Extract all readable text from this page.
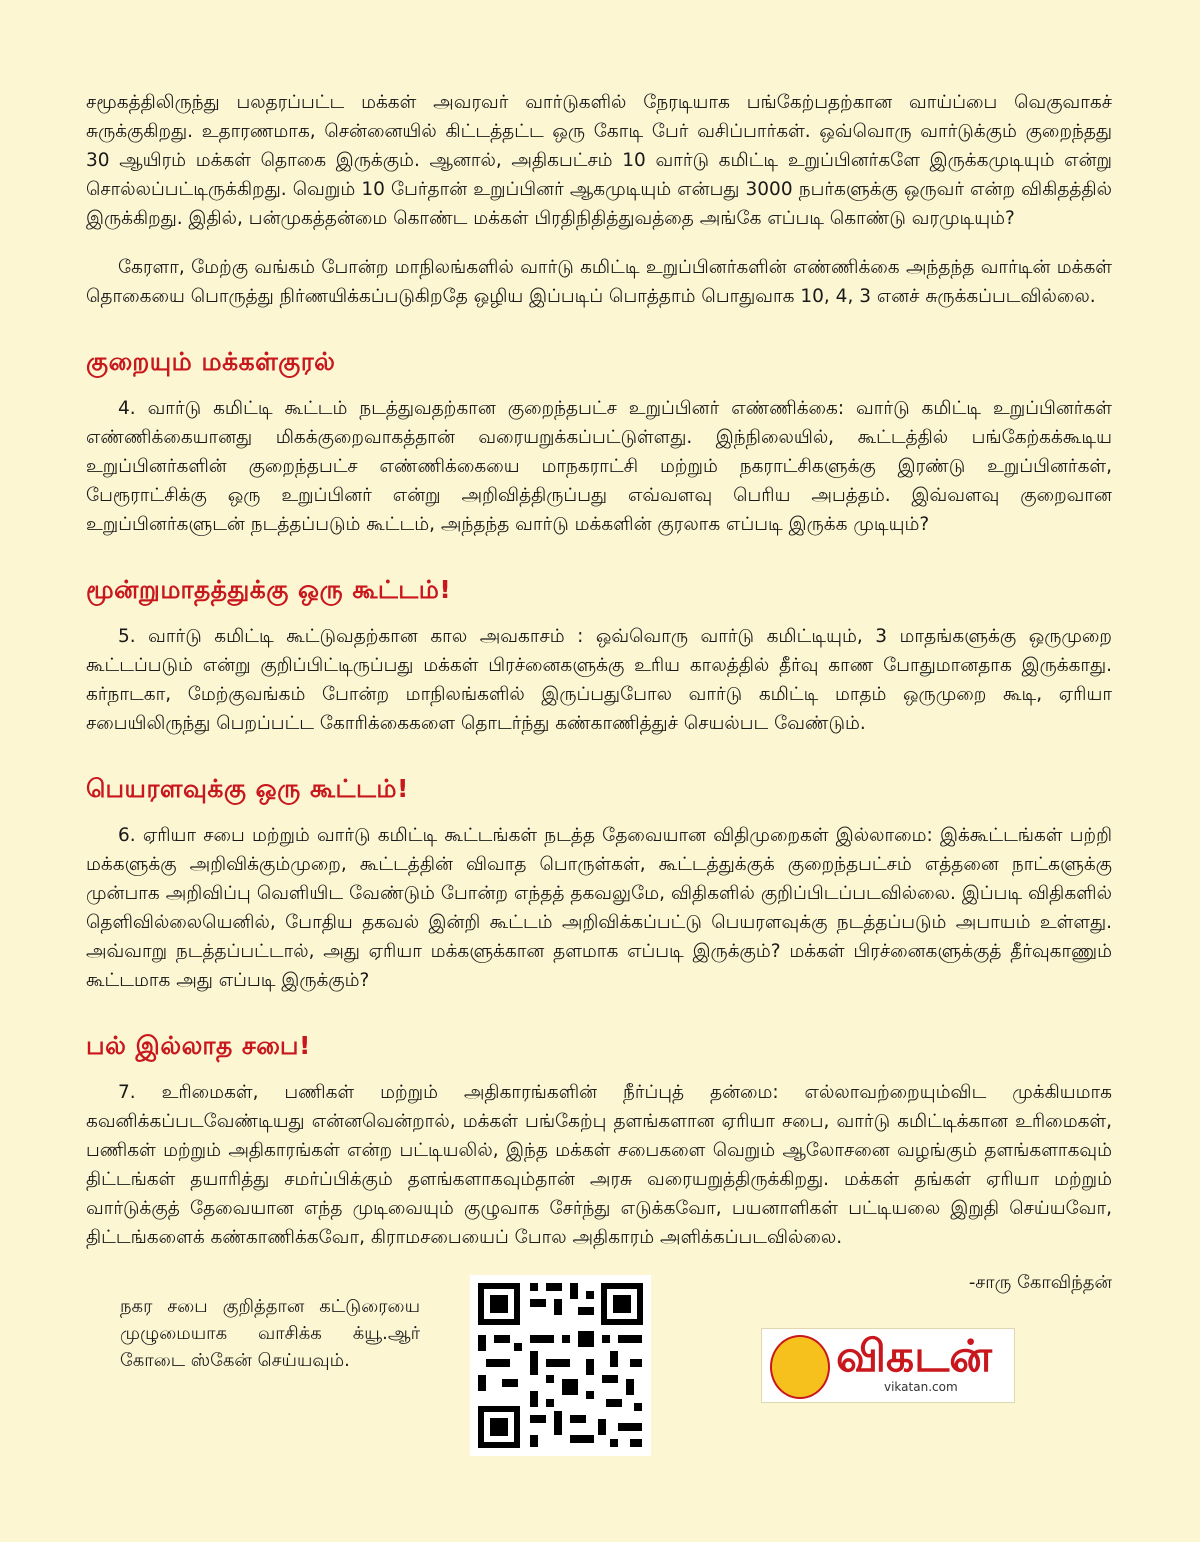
சமூகத்திலிருந்து பலதரப்பட்ட மக்கள் அவரவர் வார்டுகளில் நேரடியாக பங்கேற்பதற்கான வாய்ப்பை வெகுவாகச் சுருக்குகிறது. உதாரணமாக, சென்னையில் கிட்டத்தட்ட ஒரு கோடி பேர் வசிப்பார்கள். ஒவ்வொரு வார்டுக்கும் குறைந்தது 30 ஆயிரம் மக்கள் தொகை இருக்கும். ஆனால், அதிகபட்சம் 10 வார்டு கமிட்டி உறுப்பினர்களே இருக்கமுடியும் என்று சொல்லப்பட்டிருக்கிறது. வெறும் 10 பேர்தான் உறுப்பினர் ஆகமுடியும் என்பது 3000 நபர்களுக்கு ஒருவர் என்ற விகிதத்தில் இருக்கிறது. இதில், பன்முகத்தன்மை கொண்ட மக்கள் பிரதிநிதித்துவத்தை அங்கே எப்படி கொண்டு வரமுடியும்?

கேரளா, மேற்கு வங்கம் போன்ற மாநிலங்களில் வார்டு கமிட்டி உறுப்பினர்களின் எண்ணிக்கை அந்தந்த வார்டின் மக்கள் தொகையை பொருத்து நிர்ணயிக்கப்படுகிறதே ஒழிய இப்படிப் பொத்தாம் பொதுவாக 10, 4, 3 எனச் சுருக்கப்படவில்லை.

குறையும் மக்கள்குரல்

4. வார்டு கமிட்டி கூட்டம் நடத்துவதற்கான குறைந்தபட்ச உறுப்பினர் எண்ணிக்கை: வார்டு கமிட்டி உறுப்பினர்கள் எண்ணிக்கையானது மிகக்குறைவாகத்தான் வரையறுக்கப்பட்டுள்ளது. இந்நிலையில், கூட்டத்தில் பங்கேற்கக்கூடிய உறுப்பினர்களின் குறைந்தபட்ச எண்ணிக்கையை மாநகராட்சி மற்றும் நகராட்சிகளுக்கு இரண்டு உறுப்பினர்கள், பேரூராட்சிக்கு ஒரு உறுப்பினர் என்று அறிவித்திருப்பது எவ்வளவு பெரிய அபத்தம். இவ்வளவு குறைவான உறுப்பினர்களுடன் நடத்தப்படும் கூட்டம், அந்தந்த வார்டு மக்களின் குரலாக எப்படி இருக்க முடியும்?

மூன்றுமாதத்துக்கு ஒரு கூட்டம்!

5. வார்டு கமிட்டி கூட்டுவதற்கான கால அவகாசம் : ஒவ்வொரு வார்டு கமிட்டியும், 3 மாதங்களுக்கு ஒருமுறை கூட்டப்படும் என்று குறிப்பிட்டிருப்பது மக்கள் பிரச்னைகளுக்கு உரிய காலத்தில் தீர்வு காண போதுமானதாக இருக்காது. கர்நாடகா, மேற்குவங்கம் போன்ற மாநிலங்களில் இருப்பதுபோல வார்டு கமிட்டி மாதம் ஒருமுறை கூடி, ஏரியா சபையிலிருந்து பெறப்பட்ட கோரிக்கைகளை தொடர்ந்து கண்காணித்துச் செயல்பட வேண்டும்.

பெயரளவுக்கு ஒரு கூட்டம்!

6. ஏரியா சபை மற்றும் வார்டு கமிட்டி கூட்டங்கள் நடத்த தேவையான விதிமுறைகள் இல்லாமை: இக்கூட்டங்கள் பற்றி மக்களுக்கு அறிவிக்கும்முறை, கூட்டத்தின் விவாத பொருள்கள், கூட்டத்துக்குக் குறைந்தபட்சம் எத்தனை நாட்களுக்கு முன்பாக அறிவிப்பு வெளியிட வேண்டும் போன்ற எந்தத் தகவலுமே, விதிகளில் குறிப்பிடப்படவில்லை. இப்படி விதிகளில் தெளிவில்லையெனில், போதிய தகவல் இன்றி கூட்டம் அறிவிக்கப்பட்டு பெயரளவுக்கு நடத்தப்படும் அபாயம் உள்ளது. அவ்வாறு நடத்தப்பட்டால், அது ஏரியா மக்களுக்கான தளமாக எப்படி இருக்கும்? மக்கள் பிரச்னைகளுக்குத் தீர்வுகாணும் கூட்டமாக அது எப்படி இருக்கும்?

பல் இல்லாத சபை!

7. உரிமைகள், பணிகள் மற்றும் அதிகாரங்களின் நீர்ப்புத் தன்மை: எல்லாவற்றையும்விட முக்கியமாக கவனிக்கப்படவேண்டியது என்னவென்றால், மக்கள் பங்கேற்பு தளங்களான ஏரியா சபை, வார்டு கமிட்டிக்கான உரிமைகள், பணிகள் மற்றும் அதிகாரங்கள் என்ற பட்டியலில், இந்த மக்கள் சபைகளை வெறும் ஆலோசனை வழங்கும் தளங்களாகவும் திட்டங்கள் தயாரித்து சமர்ப்பிக்கும் தளங்களாகவும்தான் அரசு வரையறுத்திருக்கிறது. மக்கள் தங்கள் ஏரியா மற்றும் வார்டுக்குத் தேவையான எந்த முடிவையும் குழுவாக சேர்ந்து எடுக்கவோ, பயனாளிகள் பட்டியலை இறுதி செய்யவோ, திட்டங்களைக் கண்காணிக்கவோ, கிராமசபையைப் போல அதிகாரம் அளிக்கப்படவில்லை.

-சாரு கோவிந்தன்
நகர சபை குறித்தான கட்டுரையை முழுமையாக வாசிக்க க்யூ.ஆர் கோடை ஸ்கேன் செய்யவும்.	விகடன்
vikatan.com
